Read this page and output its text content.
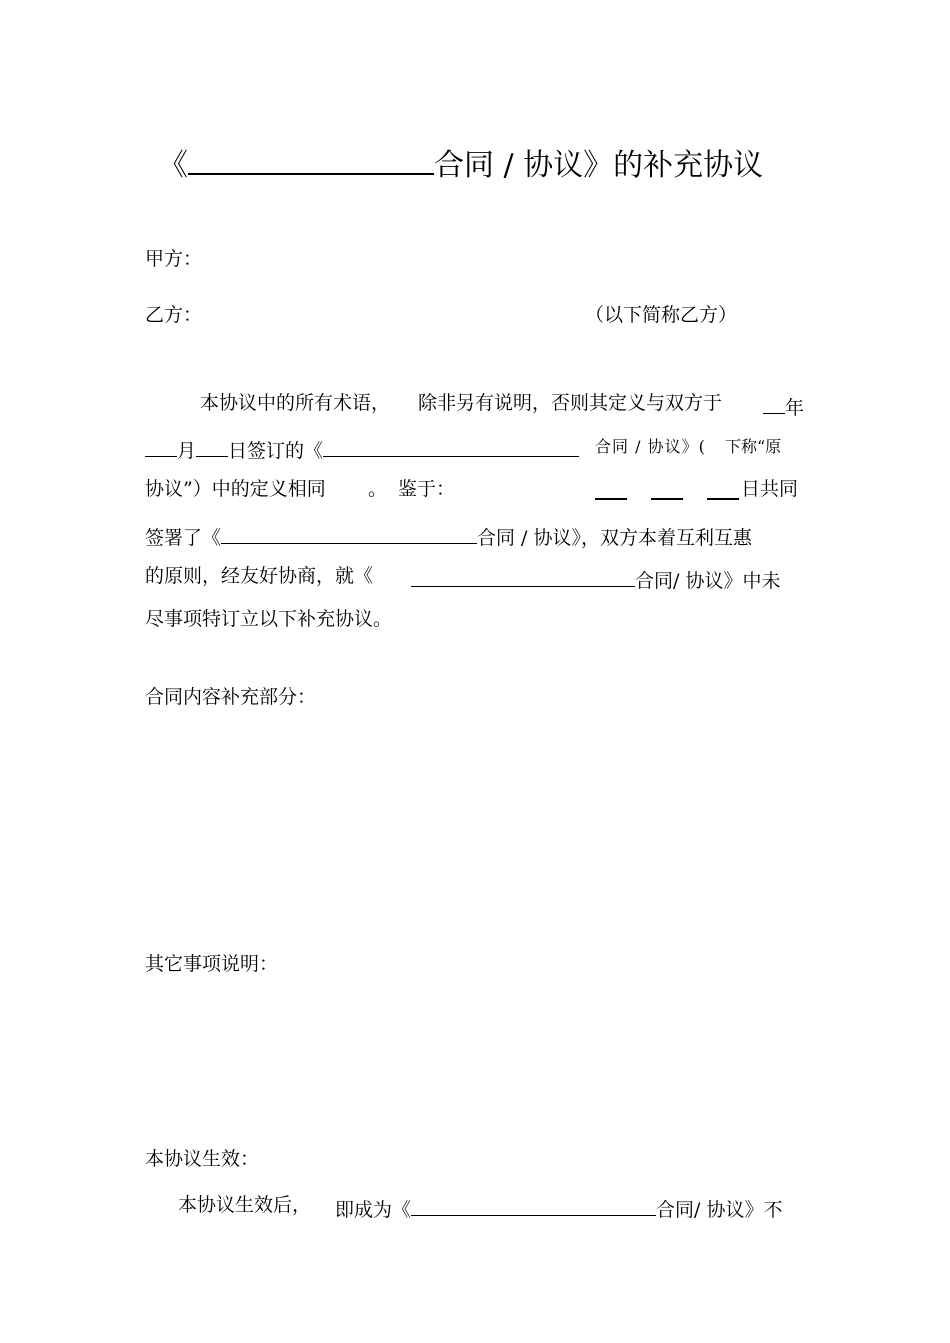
《	合同 / 协议》的补充协议
甲方：
乙方：	（以下简称乙方）
本协议中的所有术语， 除非另有说明，否则其定义与双方于	年
月 日签订的《	合同 / 协议》( 下称“原
协议”）中的定义相同 。 鉴于：	日共同
签署了《	合同 / 协议》，双方本着互利互惠
的原则，经友好协商，就《	合同/ 协议》中未
尽事项特订立以下补充协议。
合同内容补充部分：
其它事项说明：
本协议生效：
本协议生效后， 即成为《	合同/ 协议》不
